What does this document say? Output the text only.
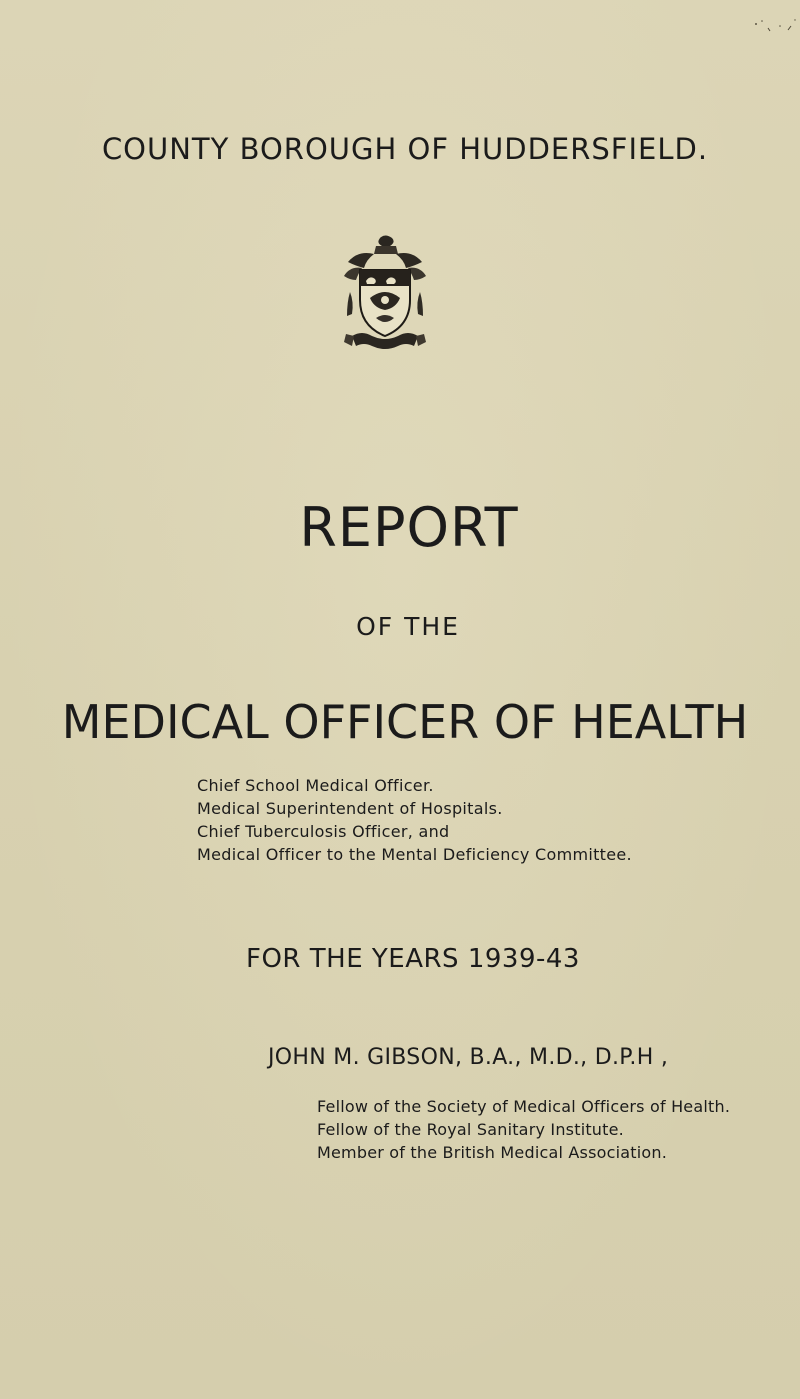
COUNTY BOROUGH OF HUDDERSFIELD.
REPORT
OF THE
MEDICAL OFFICER OF HEALTH
Chief School Medical Officer.
Medical Superintendent of Hospitals.
Chief Tuberculosis Officer, and
Medical Officer to the Mental Deficiency Committee.
FOR THE YEARS 1939-43
JOHN M. GIBSON, B.A., M.D., D.P.H ,
Fellow of the Society of Medical Officers of Health.
Fellow of the Royal Sanitary Institute.
Member of the British Medical Association.
